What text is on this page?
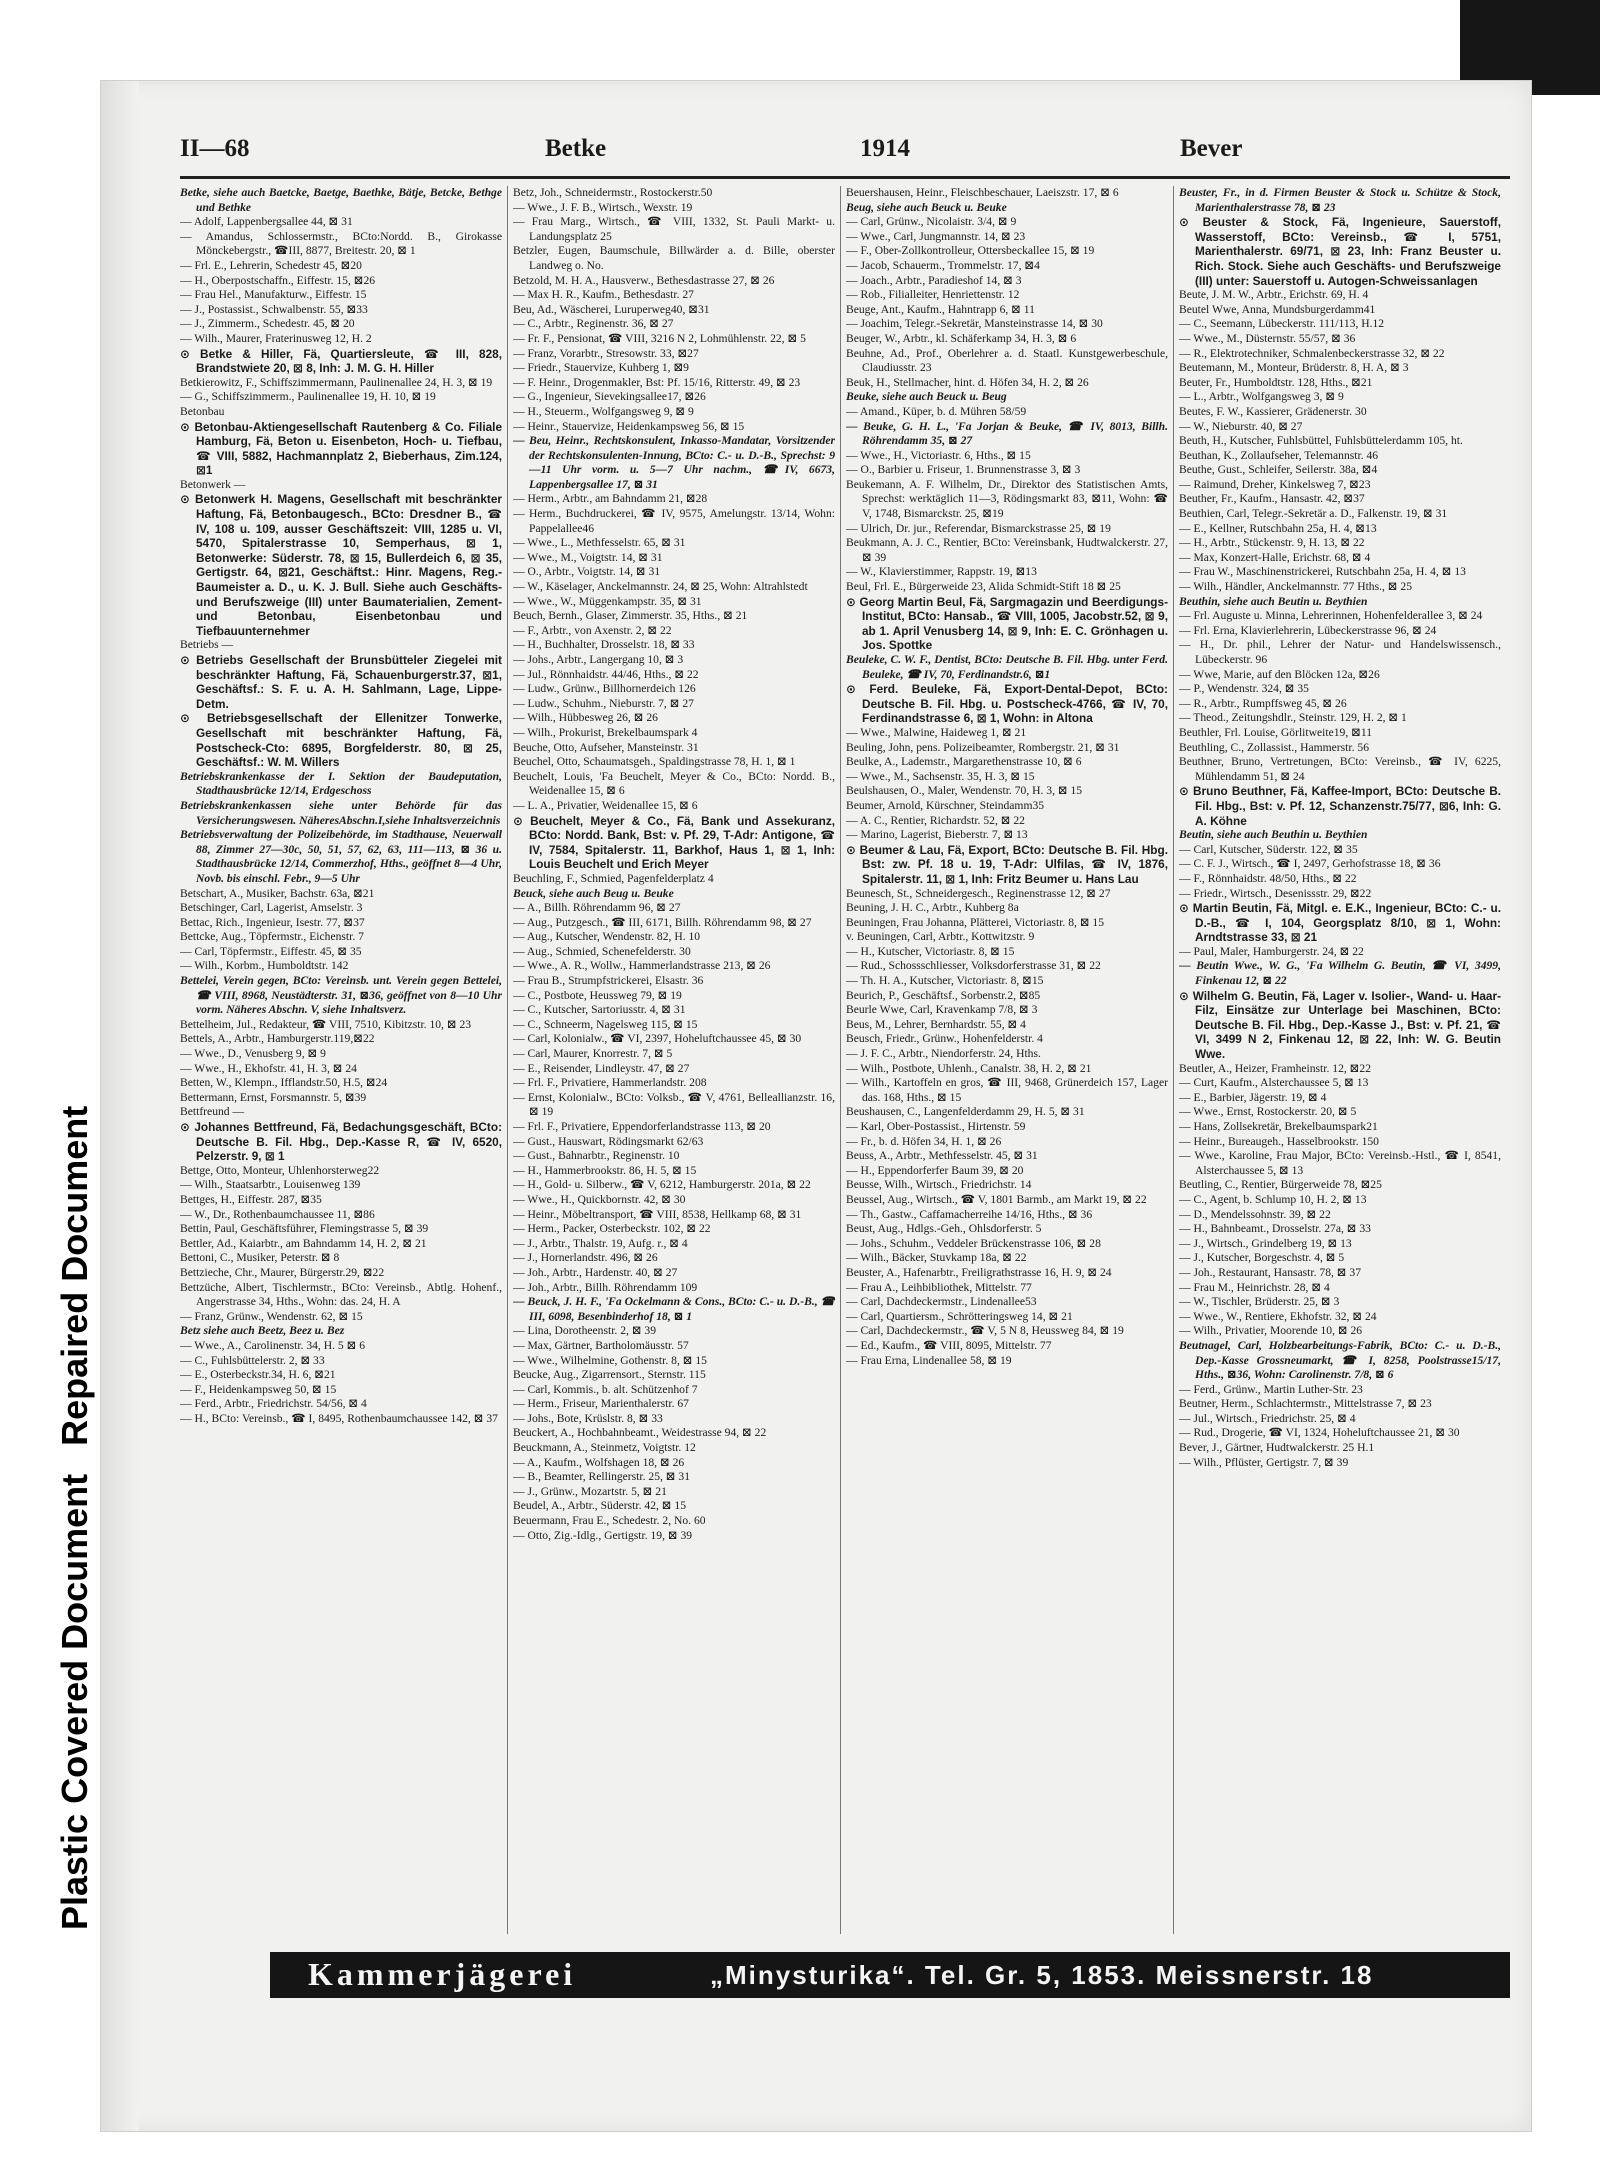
Plastic Covered DocumentRepaired Document
II—68	Betke	1914	Bever

Betke, siehe auch Baetcke, Baetge, Baethke, Bätje, Betcke, Bethge und Bethke

— Adolf, Lappenbergsallee 44, ⊠ 31

— Amandus, Schlossermstr., BCto:Nordd. B., Girokasse Mönckebergstr., ☎III, 8877, Breitestr. 20, ⊠ 1

— Frl. E., Lehrerin, Schedestr 45, ⊠20

— H., Oberpostschaffn., Eiffestr. 15, ⊠26

— Frau Hel., Manufakturw., Eiffestr. 15

— J., Postassist., Schwalbenstr. 55, ⊠33

— J., Zimmerm., Schedestr. 45, ⊠ 20

— Wilh., Maurer, Fraterinusweg 12, H. 2

⊙ Betke & Hiller, Fä, Quartiersleute, ☎ III, 828, Brandstwiete 20, ⊠ 8, Inh: J. M. G. H. Hiller

Betkierowitz, F., Schiffszimmermann, Paulinenallee 24, H. 3, ⊠ 19

— G., Schiffszimmerm., Paulinenallee 19, H. 10, ⊠ 19

Betonbau

⊙ Betonbau-Aktiengesellschaft Rautenberg & Co. Filiale Hamburg, Fä, Beton u. Eisenbeton, Hoch- u. Tiefbau, ☎ VIII, 5882, Hachmannplatz 2, Bieberhaus, Zim.124, ⊠1

Betonwerk —

⊙ Betonwerk H. Magens, Gesellschaft mit beschränkter Haftung, Fä, Betonbaugesch., BCto: Dresdner B., ☎ IV, 108 u. 109, ausser Geschäftszeit: VIII, 1285 u. VI, 5470, Spitalerstrasse 10, Semperhaus, ⊠ 1, Betonwerke: Süderstr. 78, ⊠ 15, Bullerdeich 6, ⊠ 35, Gertigstr. 64, ⊠21, Geschäftst.: Hinr. Magens, Reg.-Baumeister a. D., u. K. J. Bull. Siehe auch Geschäfts- und Berufszweige (III) unter Baumaterialien, Zement- und Betonbau, Eisenbetonbau und Tiefbauunternehmer

Betriebs —

⊙ Betriebs Gesellschaft der Brunsbütteler Ziegelei mit beschränkter Haftung, Fä, Schauenburgerstr.37, ⊠1, Geschäftsf.: S. F. u. A. H. Sahlmann, Lage, Lippe-Detm.

⊙ Betriebsgesellschaft der Ellenitzer Tonwerke, Gesellschaft mit beschränkter Haftung, Fä, Postscheck-Cto: 6895, Borgfelderstr. 80, ⊠ 25, Geschäftsf.: W. M. Willers

Betriebskrankenkasse der I. Sektion der Baudeputation, Stadthausbrücke 12/14, Erdgeschoss

Betriebskrankenkassen siehe unter Behörde für das Versicherungswesen. NäheresAbschn.I,siehe Inhaltsverzeichnis

Betriebsverwaltung der Polizeibehörde, im Stadthause, Neuerwall 88, Zimmer 27—30c, 50, 51, 57, 62, 63, 111—113, ⊠ 36 u. Stadthausbrücke 12/14, Commerzhof, Hths., geöffnet 8—4 Uhr, Novb. bis einschl. Febr., 9—5 Uhr

Betschart, A., Musiker, Bachstr. 63a, ⊠21

Betschinger, Carl, Lagerist, Amselstr. 3

Bettac, Rich., Ingenieur, Isestr. 77, ⊠37

Bettcke, Aug., Töpfermstr., Eichenstr. 7

— Carl, Töpfermstr., Eiffestr. 45, ⊠ 35

— Wilh., Korbm., Humboldtstr. 142

Bettelei, Verein gegen, BCto: Vereinsb. unt. Verein gegen Bettelei, ☎ VIII, 8968, Neustädterstr. 31, ⊠36, geöffnet von 8—10 Uhr vorm. Näheres Abschn. V, siehe Inhaltsverz.

Bettelheim, Jul., Redakteur, ☎ VIII, 7510, Kibitzstr. 10, ⊠ 23

Bettels, A., Arbtr., Hamburgerstr.119,⊠22

— Wwe., D., Venusberg 9, ⊠ 9

— Wwe., H., Ekhofstr. 41, H. 3, ⊠ 24

Betten, W., Klempn., Ifflandstr.50, H.5, ⊠24

Bettermann, Ernst, Forsmannstr. 5, ⊠39

Bettfreund —

⊙ Johannes Bettfreund, Fä, Bedachungsgeschäft, BCto: Deutsche B. Fil. Hbg., Dep.-Kasse R, ☎ IV, 6520, Pelzerstr. 9, ⊠ 1

Bettge, Otto, Monteur, Uhlenhorsterweg22

— Wilh., Staatsarbtr., Louisenweg 139

Bettges, H., Eiffestr. 287, ⊠35

— W., Dr., Rothenbaumchaussee 11, ⊠86

Bettin, Paul, Geschäftsführer, Flemingstrasse 5, ⊠ 39

Bettler, Ad., Kaiarbtr., am Bahndamm 14, H. 2, ⊠ 21

Bettoni, C., Musiker, Peterstr. ⊠ 8

Bettzieche, Chr., Maurer, Bürgerstr.29, ⊠22

Bettzüche, Albert, Tischlermstr., BCto: Vereinsb., Abtlg. Hohenf., Angerstrasse 34, Hths., Wohn: das. 24, H. A

— Franz, Grünw., Wendenstr. 62, ⊠ 15

Betz siehe auch Beetz, Beez u. Bez

— Wwe., A., Carolinenstr. 34, H. 5 ⊠ 6

— C., Fuhlsbüttelerstr. 2, ⊠ 33

— E., Osterbeckstr.34, H. 6, ⊠21

— F., Heidenkampsweg 50, ⊠ 15

— Ferd., Arbtr., Friedrichstr. 54/56, ⊠ 4

— H., BCto: Vereinsb., ☎ I, 8495, Rothenbaumchaussee 142, ⊠ 37

Betz, Joh., Schneidermstr., Rostockerstr.50

— Wwe., J. F. B., Wirtsch., Wexstr. 19

— Frau Marg., Wirtsch., ☎ VIII, 1332, St. Pauli Markt- u. Landungsplatz 25

Betzler, Eugen, Baumschule, Billwärder a. d. Bille, oberster Landweg o. No.

Betzold, M. H. A., Hausverw., Bethesdastrasse 27, ⊠ 26

— Max H. R., Kaufm., Bethesdastr. 27

Beu, Ad., Wäscherei, Luruperweg40, ⊠31

— C., Arbtr., Reginenstr. 36, ⊠ 27

— Fr. F., Pensionat, ☎ VIII, 3216 N 2, Lohmühlenstr. 22, ⊠ 5

— Franz, Vorarbtr., Stresowstr. 33, ⊠27

— Friedr., Stauervize, Kuhberg 1, ⊠9

— F. Heinr., Drogenmakler, Bst: Pf. 15/16, Ritterstr. 49, ⊠ 23

— G., Ingenieur, Sievekingsallee17, ⊠26

— H., Steuerm., Wolfgangsweg 9, ⊠ 9

— Heinr., Stauervize, Heidenkampsweg 56, ⊠ 15

— Beu, Heinr., Rechtskonsulent, Inkasso-Mandatar, Vorsitzender der Rechtskonsulenten-Innung, BCto: C.- u. D.-B., Sprechst: 9—11 Uhr vorm. u. 5—7 Uhr nachm., ☎IV, 6673, Lappenbergsallee 17, ⊠ 31

— Herm., Arbtr., am Bahndamm 21, ⊠28

— Herm., Buchdruckerei, ☎ IV, 9575, Amelungstr. 13/14, Wohn: Pappelallee46

— Wwe., L., Methfesselstr. 65, ⊠ 31

— Wwe., M., Voigtstr. 14, ⊠ 31

— O., Arbtr., Voigtstr. 14, ⊠ 31

— W., Käselager, Anckelmannstr. 24, ⊠ 25, Wohn: Altrahlstedt

— Wwe., W., Müggenkampstr. 35, ⊠ 31

Beuch, Bernh., Glaser, Zimmerstr. 35, Hths., ⊠ 21

— F., Arbtr., von Axenstr. 2, ⊠ 22

— H., Buchhalter, Drosselstr. 18, ⊠ 33

— Johs., Arbtr., Langergang 10, ⊠ 3

— Jul., Rönnhaidstr. 44/46, Hths., ⊠ 22

— Ludw., Grünw., Billhornerdeich 126

— Ludw., Schuhm., Nieburstr. 7, ⊠ 27

— Wilh., Hübbesweg 26, ⊠ 26

— Wilh., Prokurist, Brekelbaumspark 4

Beuche, Otto, Aufseher, Mansteinstr. 31

Beuchel, Otto, Schaumatsgeh., Spaldingstrasse 78, H. 1, ⊠ 1

Beuchelt, Louis, 'Fa Beuchelt, Meyer & Co., BCto: Nordd. B., Weidenallee 15, ⊠ 6

— L. A., Privatier, Weidenallee 15, ⊠ 6

⊙ Beuchelt, Meyer & Co., Fä, Bank und Assekuranz, BCto: Nordd. Bank, Bst: v. Pf. 29, T-Adr: Antigone, ☎ IV, 7584, Spitalerstr. 11, Barkhof, Haus 1, ⊠ 1, Inh: Louis Beuchelt und Erich Meyer

Beuchling, F., Schmied, Pagenfelderplatz 4

Beuck, siehe auch Beug u. Beuke

— A., Billh. Röhrendamm 96, ⊠ 27

— Aug., Putzgesch., ☎ III, 6171, Billh. Röhrendamm 98, ⊠ 27

— Aug., Kutscher, Wendenstr. 82, H. 10

— Aug., Schmied, Schenefelderstr. 30

— Wwe., A. R., Wollw., Hammerlandstrasse 213, ⊠ 26

— Frau B., Strumpfstrickerei, Elsastr. 36

— C., Postbote, Heussweg 79, ⊠ 19

— C., Kutscher, Sartoriusstr. 4, ⊠ 31

— C., Schneerm, Nagelsweg 115, ⊠ 15

— Carl, Kolonialw., ☎ VI, 2397, Hoheluftchaussee 45, ⊠ 30

— Carl, Maurer, Knorrestr. 7, ⊠ 5

— E., Reisender, Lindleystr. 47, ⊠ 27

— Frl. F., Privatiere, Hammerlandstr. 208

— Ernst, Kolonialw., BCto: Volksb., ☎ V, 4761, Belleallianzstr. 16, ⊠ 19

— Frl. F., Privatiere, Eppendorferlandstrasse 113, ⊠ 20

— Gust., Hauswart, Rödingsmarkt 62/63

— Gust., Bahnarbtr., Reginenstr. 10

— H., Hammerbrookstr. 86, H. 5, ⊠ 15

— H., Gold- u. Silberw., ☎ V, 6212, Hamburgerstr. 201a, ⊠ 22

— Wwe., H., Quickbornstr. 42, ⊠ 30

— Heinr., Möbeltransport, ☎ VIII, 8538, Hellkamp 68, ⊠ 31

— Herm., Packer, Osterbeckstr. 102, ⊠ 22

— J., Arbtr., Thalstr. 19, Aufg. r., ⊠ 4

— J., Hornerlandstr. 496, ⊠ 26

— Joh., Arbtr., Hardenstr. 40, ⊠ 27

— Joh., Arbtr., Billh. Röhrendamm 109

— Beuck, J. H. F., 'Fa Ockelmann & Cons., BCto: C.- u. D.-B., ☎ III, 6098, Besenbinderhof 18, ⊠ 1

— Lina, Dorotheenstr. 2, ⊠ 39

— Max, Gärtner, Bartholomäusstr. 57

— Wwe., Wilhelmine, Gothenstr. 8, ⊠ 15

Beucke, Aug., Zigarrensort., Sternstr. 115

— Carl, Kommis., b. alt. Schützenhof 7

— Herm., Friseur, Marienthalerstr. 67

— Johs., Bote, Krüslstr. 8, ⊠ 33

Beuckert, A., Hochbahnbeamt., Weidestrasse 94, ⊠ 22

Beuckmann, A., Steinmetz, Voigtstr. 12

— A., Kaufm., Wolfshagen 18, ⊠ 26

— B., Beamter, Rellingerstr. 25, ⊠ 31

— J., Grünw., Mozartstr. 5, ⊠ 21

Beudel, A., Arbtr., Süderstr. 42, ⊠ 15

Beuermann, Frau E., Schedestr. 2, No. 60

— Otto, Zig.-Idlg., Gertigstr. 19, ⊠ 39

Beuershausen, Heinr., Fleischbeschauer, Laeiszstr. 17, ⊠ 6

Beug, siehe auch Beuck u. Beuke

— Carl, Grünw., Nicolaistr. 3/4, ⊠ 9

— Wwe., Carl, Jungmannstr. 14, ⊠ 23

— F., Ober-Zollkontrolleur, Ottersbeckallee 15, ⊠ 19

— Jacob, Schauerm., Trommelstr. 17, ⊠4

— Joach., Arbtr., Paradieshof 14, ⊠ 3

— Rob., Filialleiter, Henriettenstr. 12

Beuge, Ant., Kaufm., Hahntrapp 6, ⊠ 11

— Joachim, Telegr.-Sekretär, Mansteinstrasse 14, ⊠ 30

Beuger, W., Arbtr., kl. Schäferkamp 34, H. 3, ⊠ 6

Beuhne, Ad., Prof., Oberlehrer a. d. Staatl. Kunstgewerbeschule, Claudiusstr. 23

Beuk, H., Stellmacher, hint. d. Höfen 34, H. 2, ⊠ 26

Beuke, siehe auch Beuck u. Beug

— Amand., Küper, b. d. Mühren 58/59

— Beuke, G. H. L., 'Fa Jorjan & Beuke, ☎ IV, 8013, Billh. Röhrendamm 35, ⊠ 27

— Wwe., H., Victoriastr. 6, Hths., ⊠ 15

— O., Barbier u. Friseur, 1. Brunnenstrasse 3, ⊠ 3

Beukemann, A. F. Wilhelm, Dr., Direktor des Statistischen Amts, Sprechst: werktäglich 11—3, Rödingsmarkt 83, ⊠11, Wohn: ☎ V, 1748, Bismarckstr. 25, ⊠19

— Ulrich, Dr. jur., Referendar, Bismarckstrasse 25, ⊠ 19

Beukmann, A. J. C., Rentier, BCto: Vereinsbank, Hudtwalckerstr. 27, ⊠ 39

— W., Klavierstimmer, Rappstr. 19, ⊠13

Beul, Frl. E., Bürgerweide 23, Alida Schmidt-Stift 18 ⊠ 25

⊙ Georg Martin Beul, Fä, Sargmagazin und Beerdigungs-Institut, BCto: Hansab., ☎ VIII, 1005, Jacobstr.52, ⊠ 9, ab 1. April Venusberg 14, ⊠ 9, Inh: E. C. Grönhagen u. Jos. Spottke

Beuleke, C. W. F., Dentist, BCto: Deutsche B. Fil. Hbg. unter Ferd. Beuleke, ☎ IV, 70, Ferdinandstr.6, ⊠1

⊙ Ferd. Beuleke, Fä, Export-Dental-Depot, BCto: Deutsche B. Fil. Hbg. u. Postscheck-4766, ☎ IV, 70, Ferdinandstrasse 6, ⊠ 1, Wohn: in Altona

— Wwe., Malwine, Haideweg 1, ⊠ 21

Beuling, John, pens. Polizeibeamter, Rombergstr. 21, ⊠ 31

Beulke, A., Lademstr., Margarethenstrasse 10, ⊠ 6

— Wwe., M., Sachsenstr. 35, H. 3, ⊠ 15

Beulshausen, O., Maler, Wendenstr. 70, H. 3, ⊠ 15

Beumer, Arnold, Kürschner, Steindamm35

— A. C., Rentier, Richardstr. 52, ⊠ 22

— Marino, Lagerist, Bieberstr. 7, ⊠ 13

⊙ Beumer & Lau, Fä, Export, BCto: Deutsche B. Fil. Hbg. Bst: zw. Pf. 18 u. 19, T-Adr: Ulfilas, ☎ IV, 1876, Spitalerstr. 11, ⊠ 1, Inh: Fritz Beumer u. Hans Lau

Beunesch, St., Schneidergesch., Reginenstrasse 12, ⊠ 27

Beuning, J. H. C., Arbtr., Kuhberg 8a

Beuningen, Frau Johanna, Plätterei, Victoriastr. 8, ⊠ 15

v. Beuningen, Carl, Arbtr., Kottwitzstr. 9

— H., Kutscher, Victoriastr. 8, ⊠ 15

— Rud., Schossschliesser, Volksdorferstrasse 31, ⊠ 22

— Th. H. A., Kutscher, Victoriastr. 8, ⊠15

Beurich, P., Geschäftsf., Sorbenstr.2, ⊠85

Beurle Wwe, Carl, Kravenkamp 7/8, ⊠ 3

Beus, M., Lehrer, Bernhardstr. 55, ⊠ 4

Beusch, Friedr., Grünw., Hohenfelderstr. 4

— J. F. C., Arbtr., Niendorferstr. 24, Hths.

— Wilh., Postbote, Uhlenh., Canalstr. 38, H. 2, ⊠ 21

— Wilh., Kartoffeln en gros, ☎ III, 9468, Grünerdeich 157, Lager das. 168, Hths., ⊠ 15

Beushausen, C., Langenfelderdamm 29, H. 5, ⊠ 31

— Karl, Ober-Postassist., Hirtenstr. 59

— Fr., b. d. Höfen 34, H. 1, ⊠ 26

Beuss, A., Arbtr., Methfesselstr. 45, ⊠ 31

— H., Eppendorferfer Baum 39, ⊠ 20

Beusse, Wilh., Wirtsch., Friedrichstr. 14

Beussel, Aug., Wirtsch., ☎ V, 1801 Barmb., am Markt 19, ⊠ 22

— Th., Gastw., Caffamacherreihe 14/16, Hths., ⊠ 36

Beust, Aug., Hdlgs.-Geh., Ohlsdorferstr. 5

— Johs., Schuhm., Veddeler Brückenstrasse 106, ⊠ 28

— Wilh., Bäcker, Stuvkamp 18a, ⊠ 22

Beuster, A., Hafenarbtr., Freiligrathstrasse 16, H. 9, ⊠ 24

— Frau A., Leihbibliothek, Mittelstr. 77

— Carl, Dachdeckermstr., Lindenallee53

— Carl, Quartiersm., Schrötteringsweg 14, ⊠ 21

— Carl, Dachdeckermstr., ☎ V, 5 N 8, Heussweg 84, ⊠ 19

— Ed., Kaufm., ☎ VIII, 8095, Mittelstr. 77

— Frau Erna, Lindenallee 58, ⊠ 19

Beuster, Fr., in d. Firmen Beuster & Stock u. Schütze & Stock, Marienthalerstrasse 78, ⊠ 23

⊙ Beuster & Stock, Fä, Ingenieure, Sauerstoff, Wasserstoff, BCto: Vereinsb., ☎ I, 5751, Marienthalerstr. 69/71, ⊠ 23, Inh: Franz Beuster u. Rich. Stock. Siehe auch Geschäfts- und Berufszweige (III) unter: Sauerstoff u. Autogen-Schweissanlagen

Beute, J. M. W., Arbtr., Erichstr. 69, H. 4

Beutel Wwe, Anna, Mundsburgerdamm41

— C., Seemann, Lübeckerstr. 111/113, H.12

— Wwe., M., Düsternstr. 55/57, ⊠ 36

— R., Elektrotechniker, Schmalenbeckerstrasse 32, ⊠ 22

Beutemann, M., Monteur, Brüderstr. 8, H. A, ⊠ 3

Beuter, Fr., Humboldtstr. 128, Hths., ⊠21

— L., Arbtr., Wolfgangsweg 3, ⊠ 9

Beutes, F. W., Kassierer, Grädenerstr. 30

— W., Nieburstr. 40, ⊠ 27

Beuth, H., Kutscher, Fuhlsbüttel, Fuhlsbüttelerdamm 105, ht.

Beuthan, K., Zollaufseher, Telemannstr. 46

Beuthe, Gust., Schleifer, Seilerstr. 38a, ⊠4

— Raimund, Dreher, Kinkelsweg 7, ⊠23

Beuther, Fr., Kaufm., Hansastr. 42, ⊠37

Beuthien, Carl, Telegr.-Sekretär a. D., Falkenstr. 19, ⊠ 31

— E., Kellner, Rutschbahn 25a, H. 4, ⊠13

— H., Arbtr., Stückenstr. 9, H. 13, ⊠ 22

— Max, Konzert-Halle, Erichstr. 68, ⊠ 4

— Frau W., Maschinenstrickerei, Rutschbahn 25a, H. 4, ⊠ 13

— Wilh., Händler, Anckelmannstr. 77 Hths., ⊠ 25

Beuthin, siehe auch Beutin u. Beythien

— Frl. Auguste u. Minna, Lehrerinnen, Hohenfelderallee 3, ⊠ 24

— Frl. Erna, Klavierlehrerin, Lübeckerstrasse 96, ⊠ 24

— H., Dr. phil., Lehrer der Natur- und Handelswissensch., Lübeckerstr. 96

— Wwe, Marie, auf den Blöcken 12a, ⊠26

— P., Wendenstr. 324, ⊠ 35

— R., Arbtr., Rumpffsweg 45, ⊠ 26

— Theod., Zeitungshdlr., Steinstr. 129, H. 2, ⊠ 1

Beuthler, Frl. Louise, Görlitweite19, ⊠11

Beuthling, C., Zollassist., Hammerstr. 56

Beuthner, Bruno, Vertretungen, BCto: Vereinsb., ☎ IV, 6225, Mühlendamm 51, ⊠ 24

⊙ Bruno Beuthner, Fä, Kaffee-Import, BCto: Deutsche B. Fil. Hbg., Bst: v. Pf. 12, Schanzenstr.75/77, ⊠6, Inh: G. A. Köhne

Beutin, siehe auch Beuthin u. Beythien

— Carl, Kutscher, Süderstr. 122, ⊠ 35

— C. F. J., Wirtsch., ☎ I, 2497, Gerhofstrasse 18, ⊠ 36

— F., Rönnhaidstr. 48/50, Hths., ⊠ 22

— Friedr., Wirtsch., Desenissstr. 29, ⊠22

⊙ Martin Beutin, Fä, Mitgl. e. E.K., Ingenieur, BCto: C.- u. D.-B., ☎ I, 104, Georgsplatz 8/10, ⊠ 1, Wohn: Arndtstrasse 33, ⊠ 21

— Paul, Maler, Hamburgerstr. 24, ⊠ 22

— Beutin Wwe., W. G., 'Fa Wilhelm G. Beutin, ☎ VI, 3499, Finkenau 12, ⊠ 22

⊙ Wilhelm G. Beutin, Fä, Lager v. Isolier-, Wand- u. Haar-Filz, Einsätze zur Unterlage bei Maschinen, BCto: Deutsche B. Fil. Hbg., Dep.-Kasse J., Bst: v. Pf. 21, ☎ VI, 3499 N 2, Finkenau 12, ⊠ 22, Inh: W. G. Beutin Wwe.

Beutler, A., Heizer, Framheinstr. 12, ⊠22

— Curt, Kaufm., Alsterchaussee 5, ⊠ 13

— E., Barbier, Jägerstr. 19, ⊠ 4

— Wwe., Ernst, Rostockerstr. 20, ⊠ 5

— Hans, Zollsekretär, Brekelbaumspark21

— Heinr., Bureaugeh., Hasselbrookstr. 150

— Wwe., Karoline, Frau Major, BCto: Vereinsb.-Hstl., ☎ I, 8541, Alsterchaussee 5, ⊠ 13

Beutling, C., Rentier, Bürgerweide 78, ⊠25

— C., Agent, b. Schlump 10, H. 2, ⊠ 13

— D., Mendelssohnstr. 39, ⊠ 22

— H., Bahnbeamt., Drosselstr. 27a, ⊠ 33

— J., Wirtsch., Grindelberg 19, ⊠ 13

— J., Kutscher, Borgeschstr. 4, ⊠ 5

— Joh., Restaurant, Hansastr. 78, ⊠ 37

— Frau M., Heinrichstr. 28, ⊠ 4

— W., Tischler, Brüderstr. 25, ⊠ 3

— Wwe., W., Rentiere, Ekhofstr. 32, ⊠ 24

— Wilh., Privatier, Moorende 10, ⊠ 26

Beutnagel, Carl, Holzbearbeitungs-Fabrik, BCto: C.- u. D.-B., Dep.-Kasse Grossneumarkt, ☎ I, 8258, Poolstrasse15/17, Hths., ⊠36, Wohn: Carolinenstr. 7/8, ⊠ 6

— Ferd., Grünw., Martin Luther-Str. 23

Beutner, Herm., Schlachtermstr., Mittelstrasse 7, ⊠ 23

— Jul., Wirtsch., Friedrichstr. 25, ⊠ 4

— Rud., Drogerie, ☎ VI, 1324, Hoheluftchaussee 21, ⊠ 30

Bever, J., Gärtner, Hudtwalckerstr. 25 H.1

— Wilh., Pflüster, Gertigstr. 7, ⊠ 39

Kammerjägerei	„Minysturika“. Tel. Gr. 5, 1853. Meissnerstr. 18
